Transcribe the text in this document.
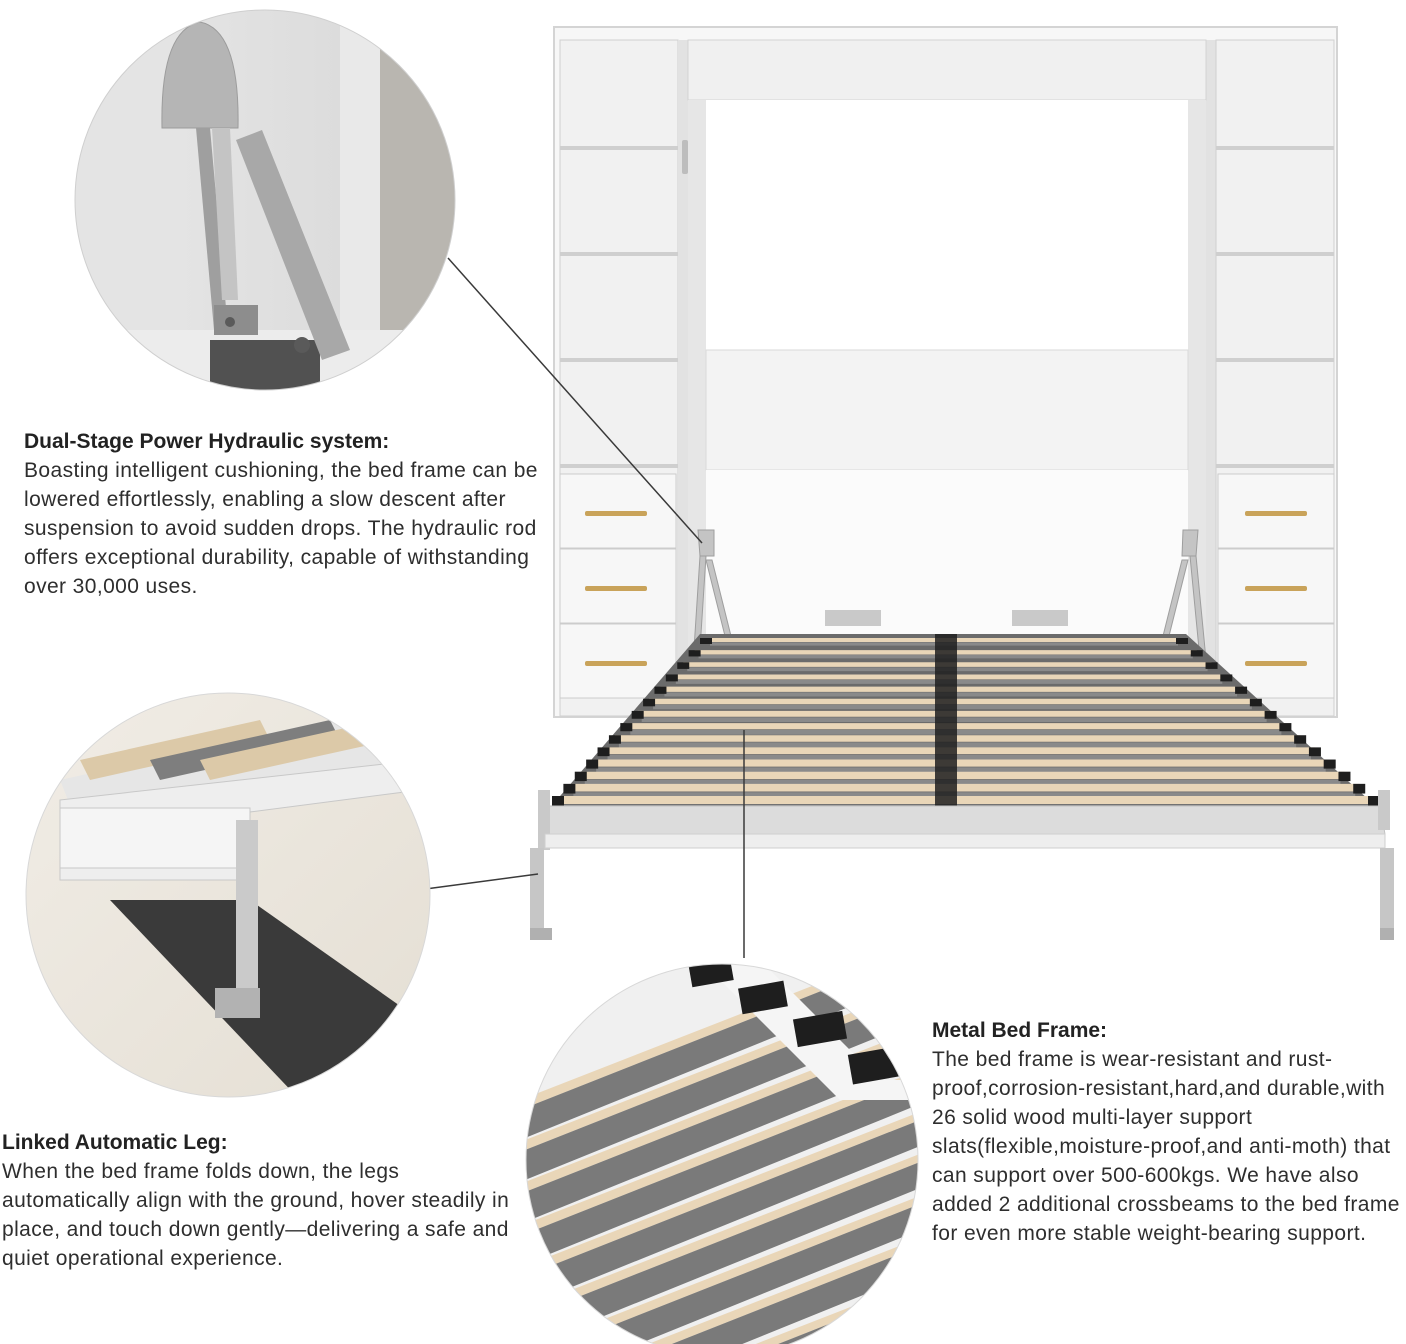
Dual-Stage Power Hydraulic system:
Boasting intelligent cushioning, the bed frame can be lowered effortlessly, enabling a slow descent after suspension to avoid sudden drops. The hydraulic rod offers exceptional durability, capable of withstanding over 30,000 uses.
Linked Automatic Leg:
When the bed frame folds down, the legs automatically align with the ground, hover steadily in place, and touch down gently—delivering a safe and quiet operational experience.
Metal Bed Frame:
The bed frame is wear-resistant and rust-proof,corrosion-resistant,hard,and durable,with 26 solid wood multi-layer support slats(flexible,moisture-proof,and anti-moth) that can support over 500-600kgs. We have also added 2 additional crossbeams to the bed frame for even more stable weight-bearing support.
